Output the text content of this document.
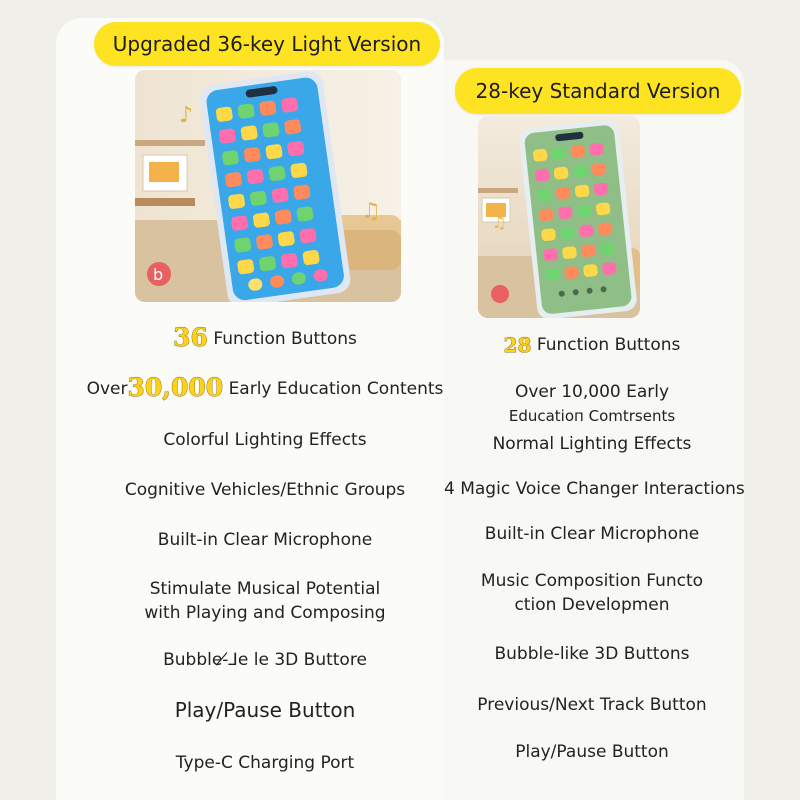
Upgraded 36-key Light Version
28-key Standard Version
b
♪
♫	♫
36 Function Buttons
Over30,000 Early Education Contents
Colorful Lighting Effects
Cognitive Vehicles/Ethnic Groups
Built-in Clear Microphone
Stimulate Musical Potential
with Playing and Composing
Bubble-̸⅃e le 3D Buttore
Play/Pause Button
Type-C Charging Port
28 Function Buttons
Over 10,000 Early
Educatioп Cоmtrsents
Normal Lighting Effects
4 Magic Voice Changer Interactions
Built-in Clear Microphone
Music Composition Functo
ction Developmen
Bubble-like 3D Buttons
Previous/Next Track Button
Play/Pause Button
